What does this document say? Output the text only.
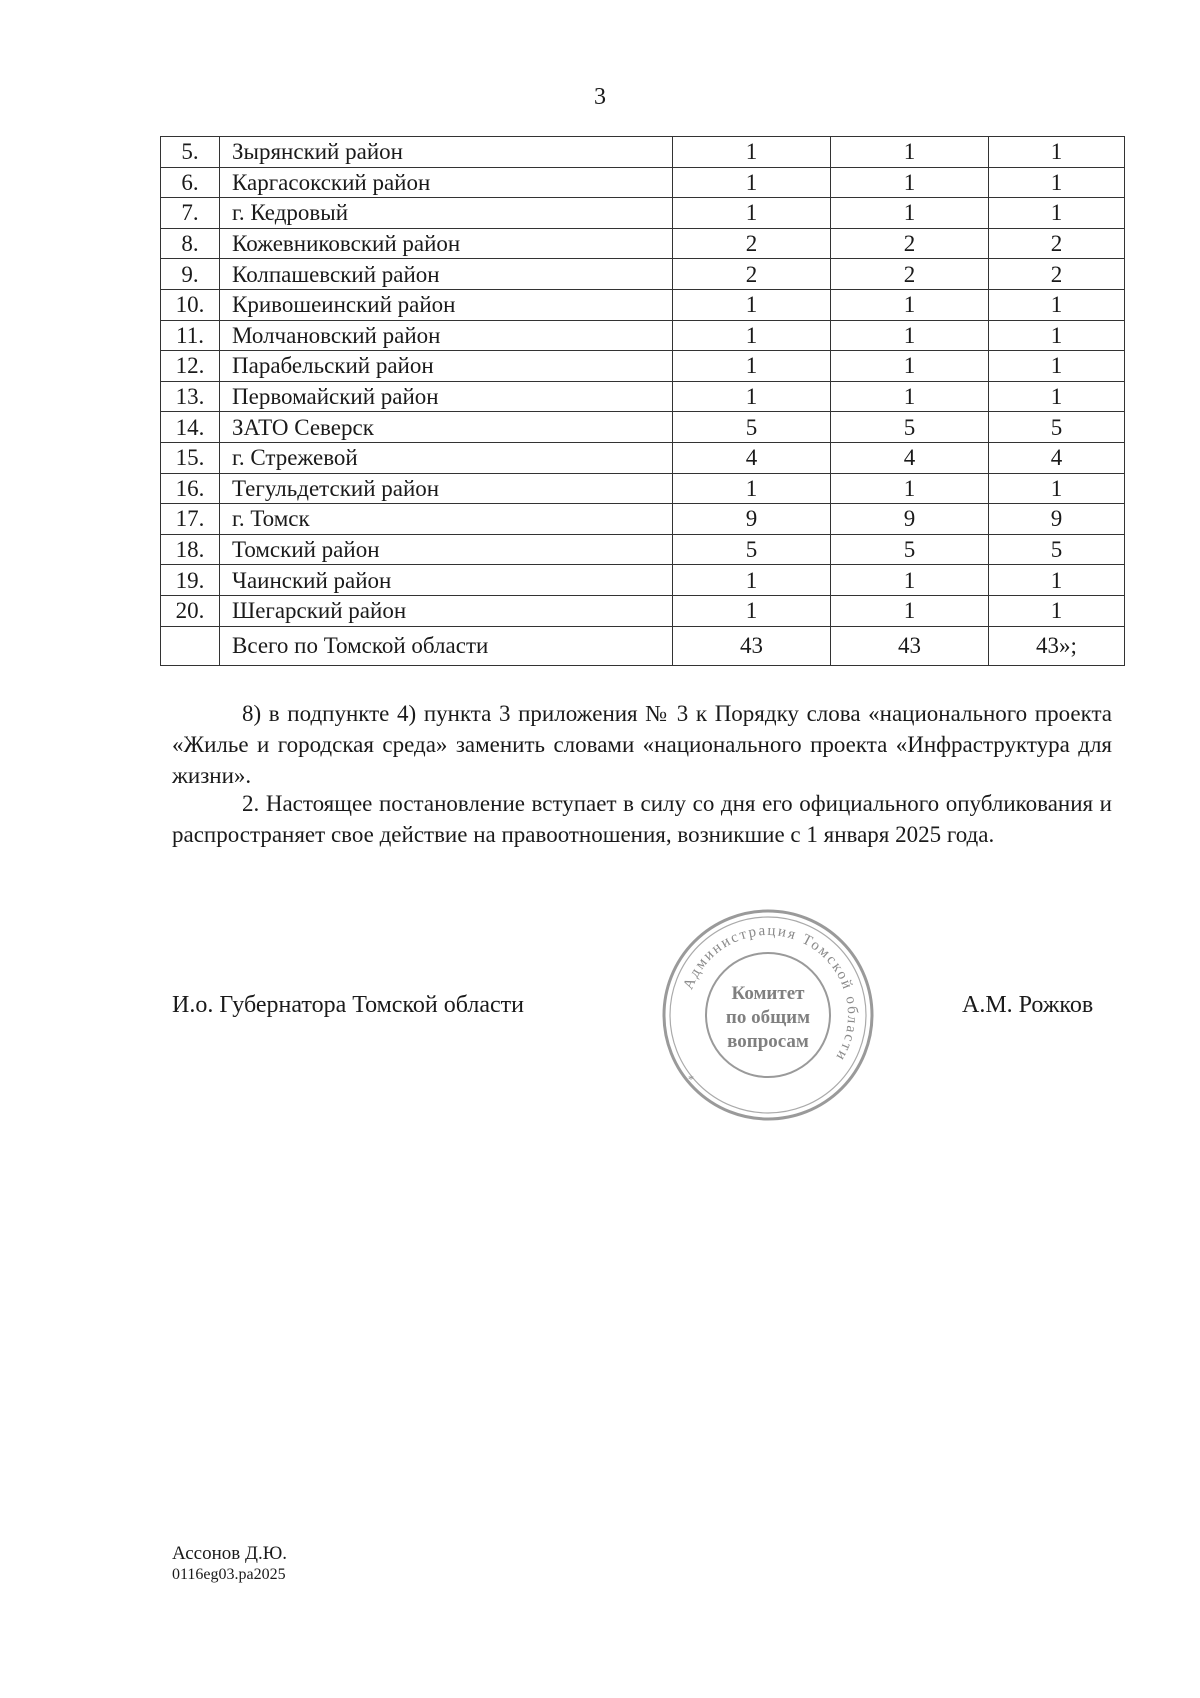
3
5.	Зырянский район	1	1	1
6.	Каргасокский район	1	1	1
7.	г. Кедровый	1	1	1
8.	Кожевниковский район	2	2	2
9.	Колпашевский район	2	2	2
10.	Кривошеинский район	1	1	1
11.	Молчановский район	1	1	1
12.	Парабельский район	1	1	1
13.	Первомайский район	1	1	1
14.	ЗАТО Северск	5	5	5
15.	г. Стрежевой	4	4	4
16.	Тегульдетский район	1	1	1
17.	г. Томск	9	9	9
18.	Томский район	5	5	5
19.	Чаинский район	1	1	1
20.	Шегарский район	1	1	1
	Всего по Томской области	43	43	43»;

8) в подпункте 4) пункта 3 приложения № 3 к Порядку слова «национального проекта «Жилье и городская среда» заменить словами «национального проекта «Инфраструктура для жизни».

2. Настоящее постановление вступает в силу со дня его официального опубликования и распространяет свое действие на правоотношения, возникшие с 1 января 2025 года.

И.о. Губернатора Томской области
Администрация Томской области
*
Комитет
по общим
вопросам
А.М. Рожков
Ассонов Д.Ю.
0116eg03.pa2025
